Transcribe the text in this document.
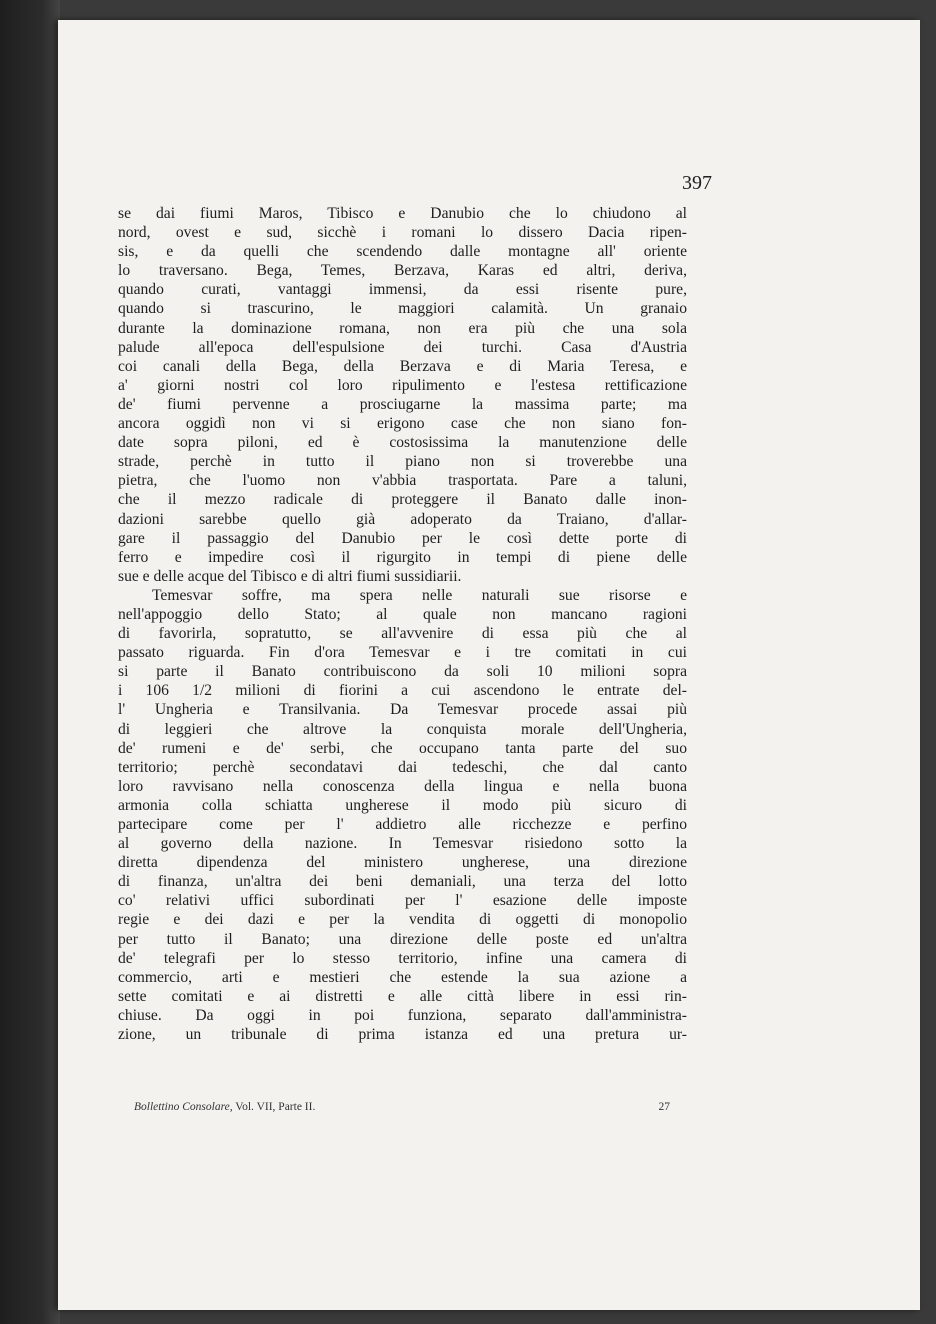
397
se dai fiumi Maros, Tibisco e Danubio che lo chiudono al
nord, ovest e sud, sicchè i romani lo dissero Dacia ripen-
sis, e da quelli che scendendo dalle montagne all' oriente
lo traversano. Bega, Temes, Berzava, Karas ed altri, deriva,
quando curati, vantaggi immensi, da essi risente pure,
quando si trascurino, le maggiori calamità. Un granaio
durante la dominazione romana, non era più che una sola
palude all'epoca dell'espulsione dei turchi. Casa d'Austria
coi canali della Bega, della Berzava e di Maria Teresa, e
a' giorni nostri col loro ripulimento e l'estesa rettificazione
de' fiumi pervenne a prosciugarne la massima parte; ma
ancora oggidì non vi si erigono case che non siano fon-
date sopra piloni, ed è costosissima la manutenzione delle
strade, perchè in tutto il piano non si troverebbe una
pietra, che l'uomo non v'abbia trasportata. Pare a taluni,
che il mezzo radicale di proteggere il Banato dalle inon-
dazioni sarebbe quello già adoperato da Traiano, d'allar-
gare il passaggio del Danubio per le così dette porte di
ferro e impedire così il rigurgito in tempi di piene delle
sue e delle acque del Tibisco e di altri fiumi sussidiarii.
Temesvar soffre, ma spera nelle naturali sue risorse e
nell'appoggio dello Stato; al quale non mancano ragioni
di favorirla, sopratutto, se all'avvenire di essa più che al
passato riguarda. Fin d'ora Temesvar e i tre comitati in cui
si parte il Banato contribuiscono da soli 10 milioni sopra
i 106 1/2 milioni di fiorini a cui ascendono le entrate del-
l' Ungheria e Transilvania. Da Temesvar procede assai più
di leggieri che altrove la conquista morale dell'Ungheria,
de' rumeni e de' serbi, che occupano tanta parte del suo
territorio; perchè secondatavi dai tedeschi, che dal canto
loro ravvisano nella conoscenza della lingua e nella buona
armonia colla schiatta ungherese il modo più sicuro di
partecipare come per l' addietro alle ricchezze e perfino
al governo della nazione. In Temesvar risiedono sotto la
diretta dipendenza del ministero ungherese, una direzione
di finanza, un'altra dei beni demaniali, una terza del lotto
co' relativi uffici subordinati per l' esazione delle imposte
regie e dei dazi e per la vendita di oggetti di monopolio
per tutto il Banato; una direzione delle poste ed un'altra
de' telegrafi per lo stesso territorio, infine una camera di
commercio, arti e mestieri che estende la sua azione a
sette comitati e ai distretti e alle città libere in essi rin-
chiuse. Da oggi in poi funziona, separato dall'amministra-
zione, un tribunale di prima istanza ed una pretura ur-
Bollettino Consolare, Vol. VII, Parte II.	27
